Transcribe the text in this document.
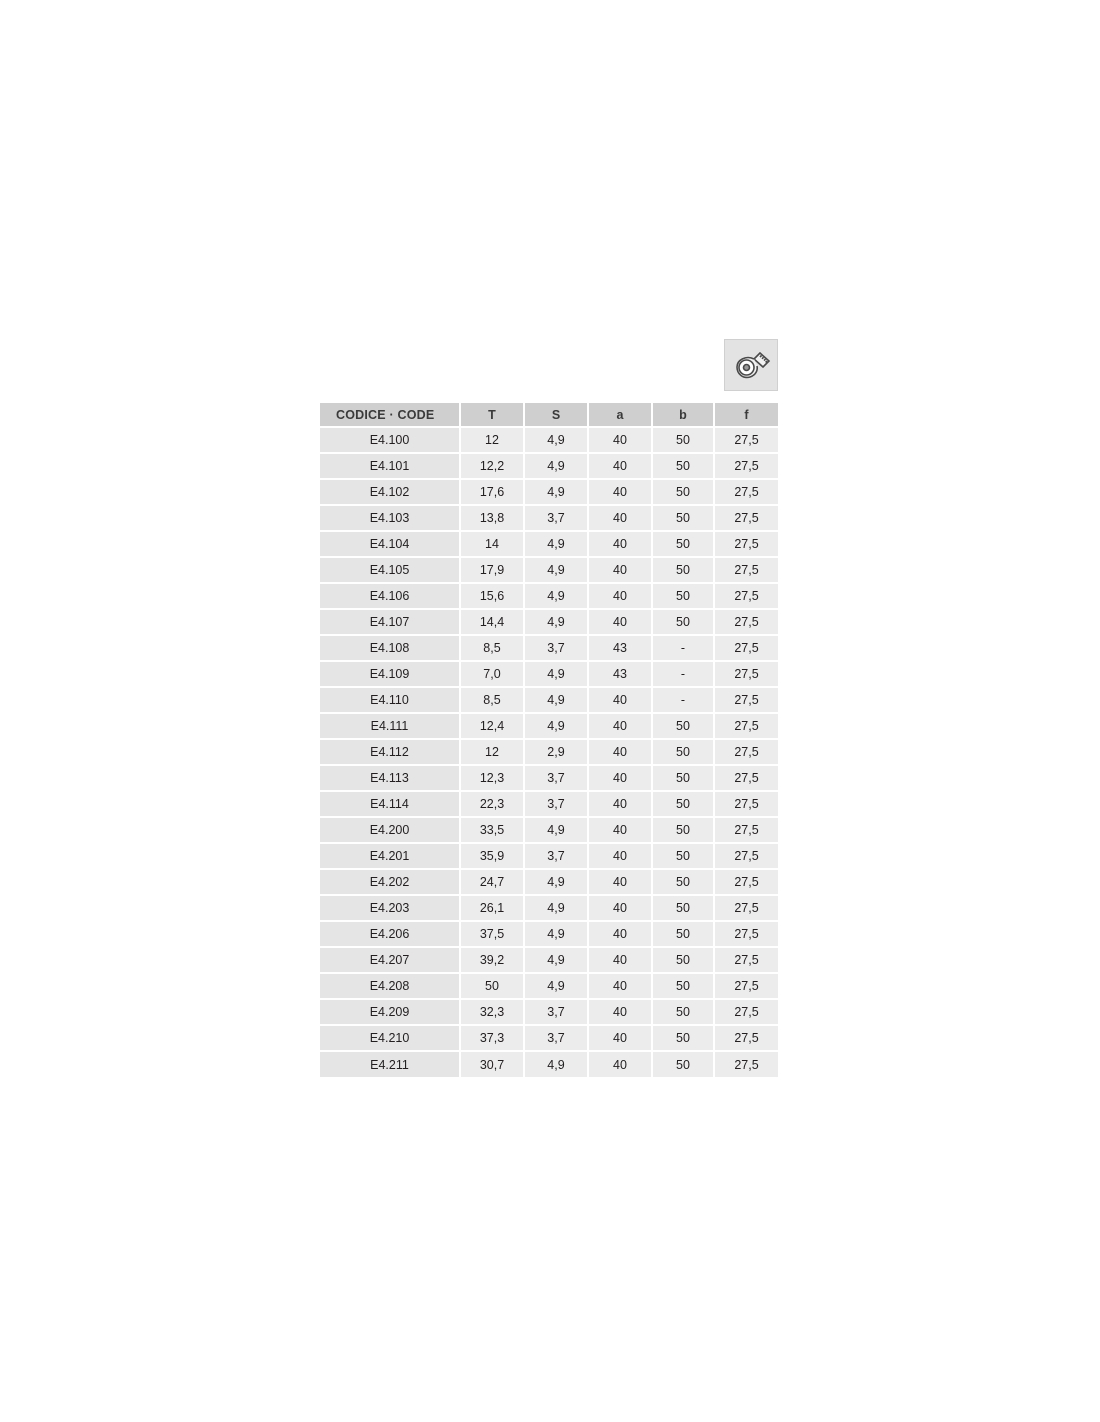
CODICE · CODE	T	S	a	b	f
E4.100	12	4,9	40	50	27,5
E4.101	12,2	4,9	40	50	27,5
E4.102	17,6	4,9	40	50	27,5
E4.103	13,8	3,7	40	50	27,5
E4.104	14	4,9	40	50	27,5
E4.105	17,9	4,9	40	50	27,5
E4.106	15,6	4,9	40	50	27,5
E4.107	14,4	4,9	40	50	27,5
E4.108	8,5	3,7	43	-	27,5
E4.109	7,0	4,9	43	-	27,5
E4.110	8,5	4,9	40	-	27,5
E4.111	12,4	4,9	40	50	27,5
E4.112	12	2,9	40	50	27,5
E4.113	12,3	3,7	40	50	27,5
E4.114	22,3	3,7	40	50	27,5
E4.200	33,5	4,9	40	50	27,5
E4.201	35,9	3,7	40	50	27,5
E4.202	24,7	4,9	40	50	27,5
E4.203	26,1	4,9	40	50	27,5
E4.206	37,5	4,9	40	50	27,5
E4.207	39,2	4,9	40	50	27,5
E4.208	50	4,9	40	50	27,5
E4.209	32,3	3,7	40	50	27,5
E4.210	37,3	3,7	40	50	27,5
E4.211	30,7	4,9	40	50	27,5
